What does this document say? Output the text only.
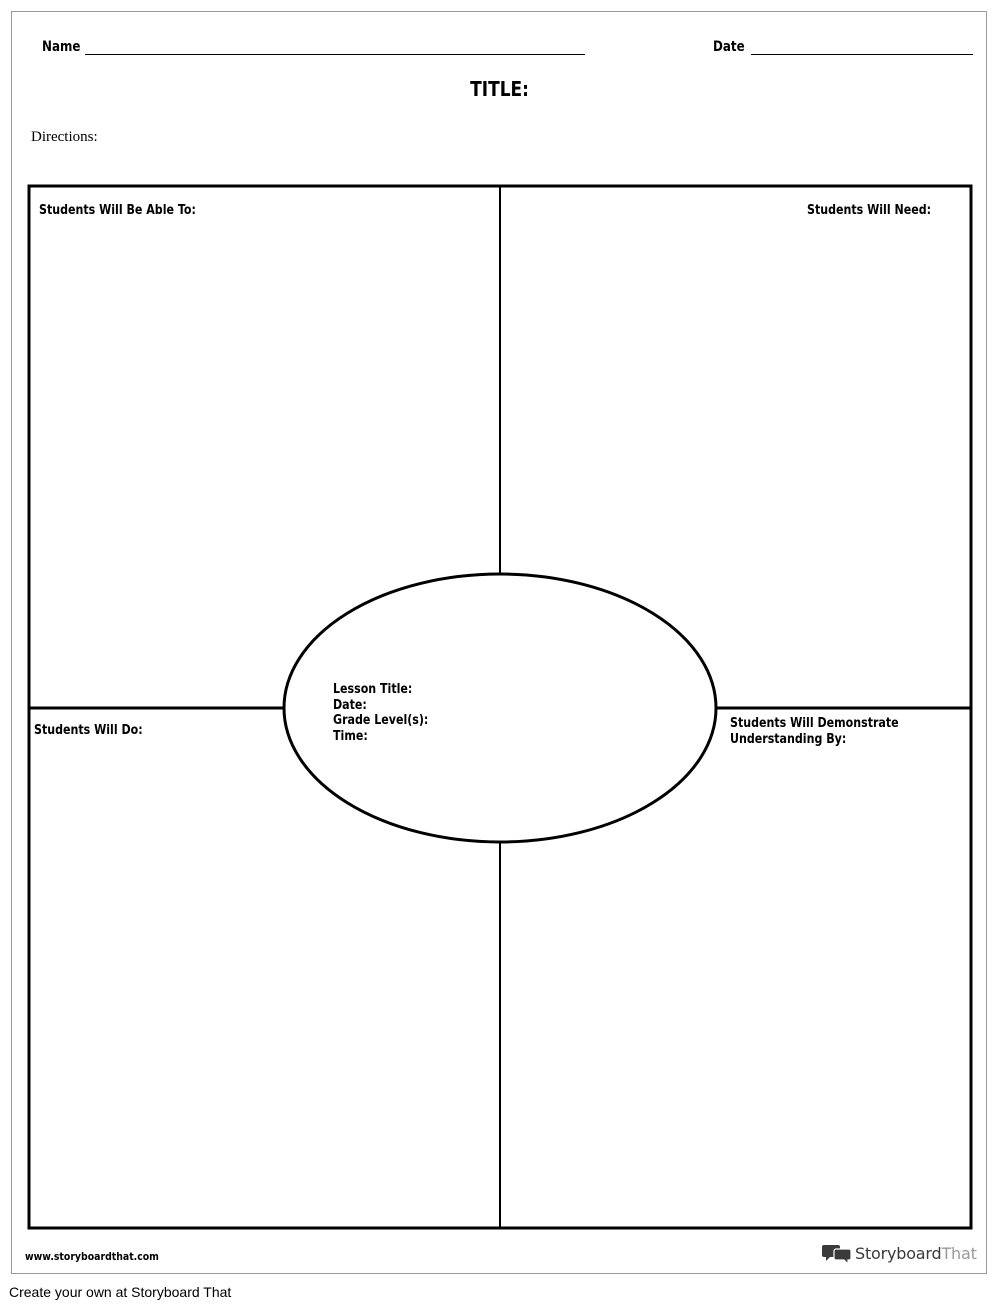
Name	Date
TITLE:
Directions:
Students Will Be Able To:	Students Will Need:
Students Will Do:	Students Will Demonstrate
Understanding By:
Lesson Title:
Date:
Grade Level(s):
Time:
www.storyboardthat.com	StoryboardThat
Create your own at Storyboard That
